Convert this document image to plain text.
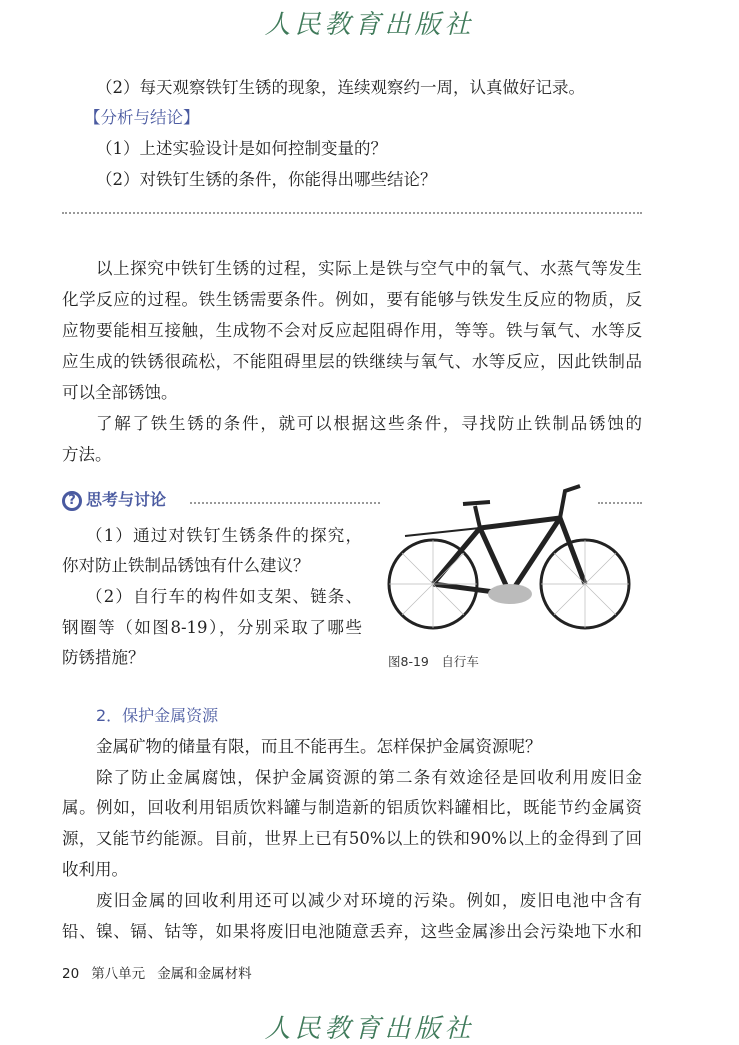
人民教育出版社
（2）每天观察铁钉生锈的现象，连续观察约一周，认真做好记录。
【分析与结论】
（1）上述实验设计是如何控制变量的？
（2）对铁钉生锈的条件，你能得出哪些结论？
以上探究中铁钉生锈的过程，实际上是铁与空气中的氧气、水蒸气等发生
化学反应的过程。铁生锈需要条件。例如，要有能够与铁发生反应的物质，反
应物要能相互接触，生成物不会对反应起阻碍作用，等等。铁与氧气、水等反
应生成的铁锈很疏松，不能阻碍里层的铁继续与氧气、水等反应，因此铁制品
可以全部锈蚀。
了解了铁生锈的条件，就可以根据这些条件，寻找防止铁制品锈蚀的
方法。
? 思考与讨论
（1）通过对铁钉生锈条件的探究，
你对防止铁制品锈蚀有什么建议？
（2）自行车的构件如支架、链条、
钢圈等（如图8-19），分别采取了哪些
防锈措施？	图8-19　自行车
2．保护金属资源
金属矿物的储量有限，而且不能再生。怎样保护金属资源呢？
除了防止金属腐蚀，保护金属资源的第二条有效途径是回收利用废旧金
属。例如，回收利用铝质饮料罐与制造新的铝质饮料罐相比，既能节约金属资
源，又能节约能源。目前，世界上已有50%以上的铁和90%以上的金得到了回
收利用。
废旧金属的回收利用还可以减少对环境的污染。例如，废旧电池中含有
铅、镍、镉、钴等，如果将废旧电池随意丢弃，这些金属渗出会污染地下水和
20 第八单元 金属和金属材料
人民教育出版社
